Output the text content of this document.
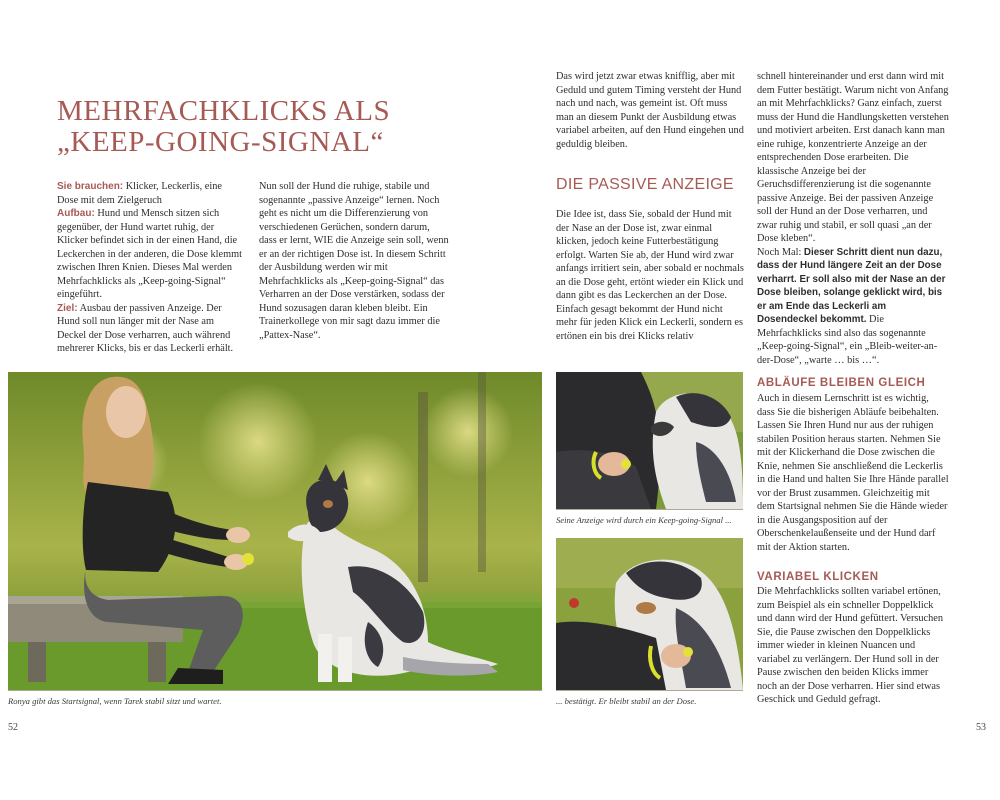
MEHRFACHKLICKS ALS
„KEEP-GOING-SIGNAL“

Sie brauchen: Klicker, Leckerlis, eine Dose mit dem Zielgeruch

Aufbau: Hund und Mensch sitzen sich gegenüber, der Hund wartet ruhig, der Klicker befindet sich in der einen Hand, die Leckerchen in der anderen, die Dose klemmt zwischen Ihren Knien. Dieses Mal werden Mehrfachklicks als „Keep-going-Signal“ eingeführt.

Ziel: Ausbau der passiven Anzeige. Der Hund soll nun länger mit der Nase am Deckel der Dose verharren, auch während mehrerer Klicks, bis er das Leckerli erhält.

Nun soll der Hund die ruhige, stabile und sogenannte „passive Anzeige“ lernen. Noch geht es nicht um die Differenzierung von verschiedenen Gerüchen, sondern darum, dass er lernt, WIE die Anzeige sein soll, wenn er an der richtigen Dose ist. In diesem Schritt der Ausbildung werden wir mit Mehrfachklicks als „Keep-going-Signal“ das Verharren an der Dose verstärken, sodass der Hund sozusagen daran kleben bleibt. Ein Trainerkollege von mir sagt dazu immer die „Pattex-Nase“.

Ronya gibt das Startsignal, wenn Tarek stabil sitzt und wartet.

52

Das wird jetzt zwar etwas knifflig, aber mit Geduld und gutem Timing versteht der Hund nach und nach, was gemeint ist. Oft muss man an diesem Punkt der Ausbildung etwas variabel arbeiten, auf den Hund eingehen und geduldig bleiben.

DIE PASSIVE ANZEIGE

Die Idee ist, dass Sie, sobald der Hund mit der Nase an der Dose ist, zwar einmal klicken, jedoch keine Futterbestätigung erfolgt. Warten Sie ab, der Hund wird zwar anfangs irritiert sein, aber sobald er nochmals an die Dose geht, ertönt wieder ein Klick und dann gibt es das Leckerchen an der Dose. Einfach gesagt bekommt der Hund nicht mehr für jeden Klick ein Leckerli, sondern es ertönen ein bis drei Klicks relativ

Seine Anzeige wird durch ein Keep-going-Signal ...

... bestätigt. Er bleibt stabil an der Dose.

schnell hintereinander und erst dann wird mit dem Futter bestätigt. Warum nicht von Anfang an mit Mehrfachklicks? Ganz einfach, zuerst muss der Hund die Handlungsketten verstehen und motiviert arbeiten. Erst danach kann man eine ruhige, konzentrierte Anzeige an der entsprechenden Dose erarbeiten. Die klassische Anzeige bei der Geruchsdifferenzierung ist die sogenannte passive Anzeige. Bei der passiven Anzeige soll der Hund an der Dose verharren, und zwar ruhig und stabil, er soll quasi „an der Dose kleben“.

Noch Mal: Dieser Schritt dient nun dazu, dass der Hund längere Zeit an der Dose verharrt. Er soll also mit der Nase an der Dose bleiben, solange geklickt wird, bis er am Ende das Leckerli am Dosendeckel bekommt. Die Mehrfachklicks sind also das sogenannte „Keep-going-Signal“, ein „Bleib-weiter-an-der-Dose“, „warte … bis …“.

ABLÄUFE BLEIBEN GLEICH

Auch in diesem Lernschritt ist es wichtig, dass Sie die bisherigen Abläufe beibehalten. Lassen Sie Ihren Hund nur aus der ruhigen stabilen Position heraus starten. Nehmen Sie mit der Klickerhand die Dose zwischen die Knie, nehmen Sie anschließend die Leckerlis in die Hand und halten Sie Ihre Hände parallel vor der Brust zusammen. Gleichzeitig mit dem Startsignal nehmen Sie die Hände wieder in die Ausgangsposition auf der Oberschenkelaußenseite und der Hund darf mit der Aktion starten.

VARIABEL KLICKEN

Die Mehrfachklicks sollten variabel ertönen, zum Beispiel als ein schneller Doppelklick und dann wird der Hund gefüttert. Versuchen Sie, die Pause zwischen den Doppelklicks immer wieder in kleinen Nuancen und variabel zu verlängern. Der Hund soll in der Pause zwischen den beiden Klicks immer noch an der Dose verharren. Hier sind etwas Geschick und Geduld gefragt.

53
